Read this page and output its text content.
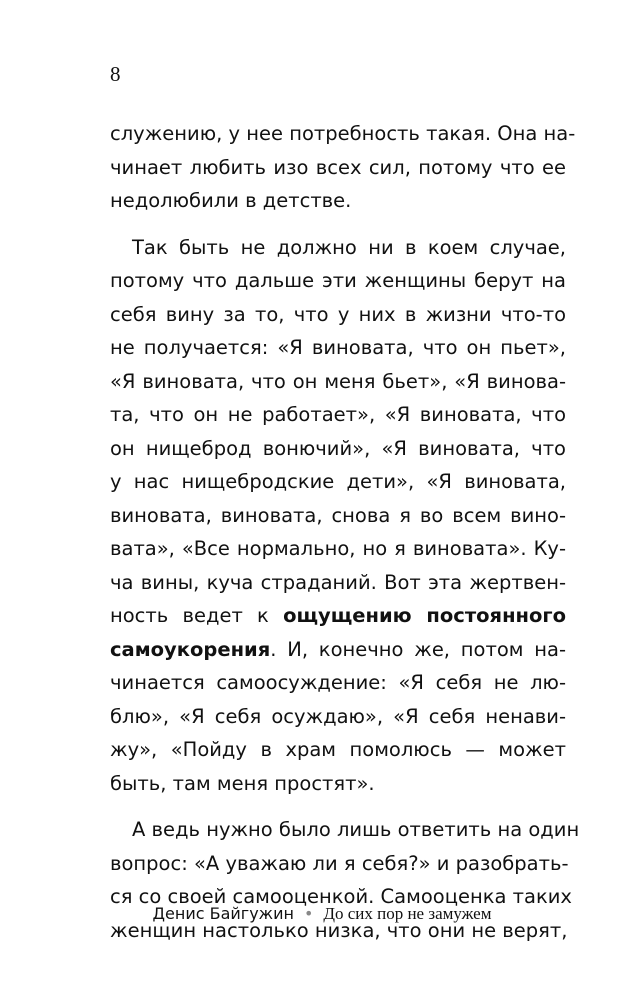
8
служению, у нее потребность такая. Она на-
чинает любить изо всех сил, потому что ее
недолюбили в детстве.
Так быть не должно ни в коем случае,
потому что дальше эти женщины берут на
себя вину за то, что у них в жизни что-то
не получается: «Я виновата, что он пьет»,
«Я виновата, что он меня бьет», «Я винова-
та, что он не работает», «Я виновата, что
он нищеброд вонючий», «Я виновата, что
у нас нищебродские дети», «Я виновата,
виновата, виновата, снова я во всем вино-
вата», «Все нормально, но я виновата». Ку-
ча вины, куча страданий. Вот эта жертвен-
ность ведет к ощущению постоянного
самоукорения. И, конечно же, потом на-
чинается самоосуждение: «Я себя не лю-
блю», «Я себя осуждаю», «Я себя ненави-
жу», «Пойду в храм помолюсь — может
быть, там меня простят».
А ведь нужно было лишь ответить на один
вопрос: «А уважаю ли я себя?» и разобрать-
ся со своей самооценкой. Самооценка таких
женщин настолько низка, что они не верят,
Денис Байгужин • До сих пор не замужем
